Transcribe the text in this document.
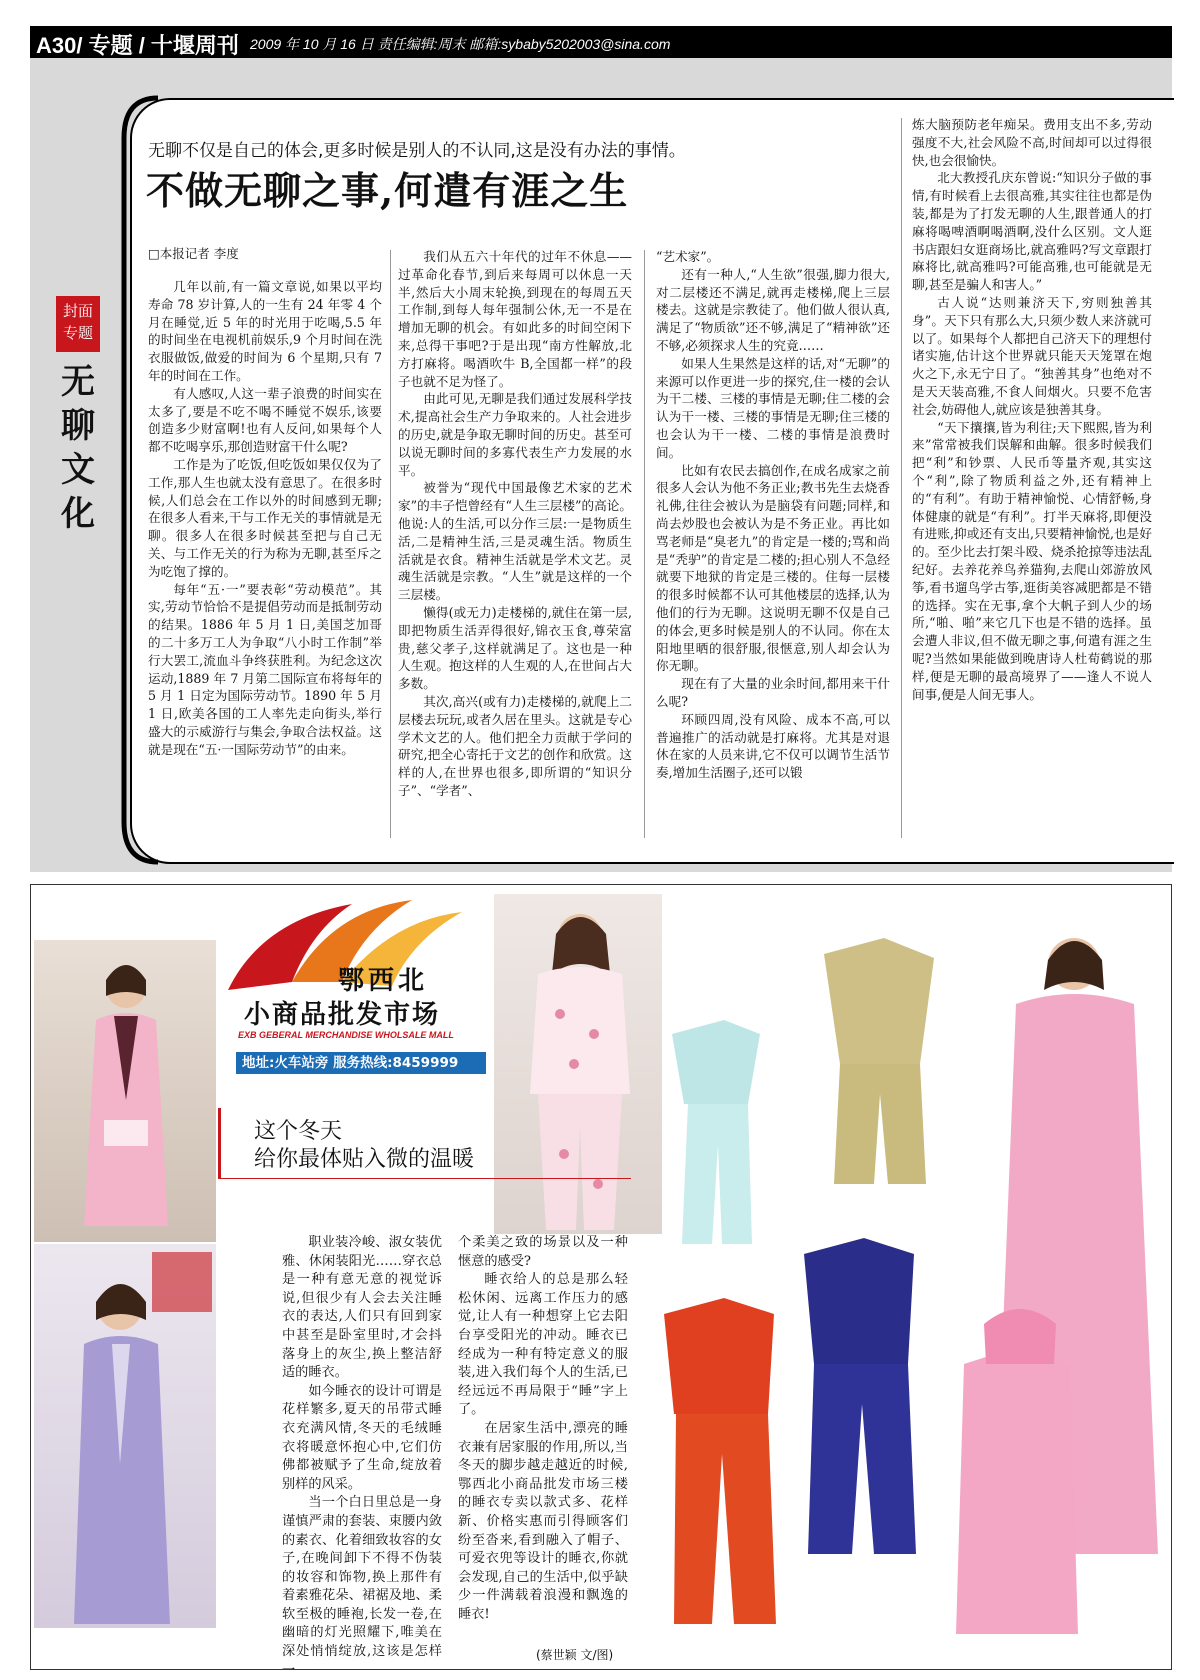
A30/ 专题 / 十堰周刊 2009 年 10 月 16 日 责任编辑:周末 邮箱:sybaby5202003@sina.com
封面
专题
无
聊
文
化
无聊不仅是自己的体会,更多时候是别人的不认同,这是没有办法的事情。
不做无聊之事,何遣有涯之生
□本报记者 李度

几年以前,有一篇文章说,如果以平均寿命 78 岁计算,人的一生有 24 年零 4 个月在睡觉,近 5 年的时光用于吃喝,5.5 年的时间坐在电视机前娱乐,9 个月时间在洗衣服做饭,做爱的时间为 6 个星期,只有 7 年的时间在工作。

有人感叹,人这一辈子浪费的时间实在太多了,要是不吃不喝不睡觉不娱乐,该要创造多少财富啊!也有人反问,如果每个人都不吃喝享乐,那创造财富干什么呢?

工作是为了吃饭,但吃饭如果仅仅为了工作,那人生也就太没有意思了。在很多时候,人们总会在工作以外的时间感到无聊;在很多人看来,干与工作无关的事情就是无聊。很多人在很多时候甚至把与自己无关、与工作无关的行为称为无聊,甚至斥之为吃饱了撑的。

每年“五·一”要表彰“劳动模范”。其实,劳动节恰恰不是提倡劳动而是抵制劳动的结果。1886 年 5 月 1 日,美国芝加哥的二十多万工人为争取“八小时工作制”举行大罢工,流血斗争终获胜利。为纪念这次运动,1889 年 7 月第二国际宣布将每年的 5 月 1 日定为国际劳动节。1890 年 5 月 1 日,欧美各国的工人率先走向街头,举行盛大的示威游行与集会,争取合法权益。这就是现在“五·一国际劳动节”的由来。

我们从五六十年代的过年不休息——过革命化春节,到后来每周可以休息一天半,然后大小周末轮换,到现在的每周五天工作制,到每人每年强制公休,无一不是在增加无聊的机会。有如此多的时间空闲下来,总得干事吧?于是出现“南方性解放,北方打麻将。喝酒吹牛 B,全国都一样”的段子也就不足为怪了。

由此可见,无聊是我们通过发展科学技术,提高社会生产力争取来的。人社会进步的历史,就是争取无聊时间的历史。甚至可以说无聊时间的多寡代表生产力发展的水平。

被誉为“现代中国最像艺术家的艺术家”的丰子恺曾经有“人生三层楼”的高论。他说:人的生活,可以分作三层:一是物质生活,二是精神生活,三是灵魂生活。物质生活就是衣食。精神生活就是学术文艺。灵魂生活就是宗教。“人生”就是这样的一个三层楼。

懒得(或无力)走楼梯的,就住在第一层,即把物质生活弄得很好,锦衣玉食,尊荣富贵,慈父孝子,这样就满足了。这也是一种人生观。抱这样的人生观的人,在世间占大多数。

其次,高兴(或有力)走楼梯的,就爬上二层楼去玩玩,或者久居在里头。这就是专心学术文艺的人。他们把全力贡献于学问的研究,把全心寄托于文艺的创作和欣赏。这样的人,在世界也很多,即所谓的“知识分子”、“学者”、

“艺术家”。

还有一种人,“人生欲”很强,脚力很大,对二层楼还不满足,就再走楼梯,爬上三层楼去。这就是宗教徒了。他们做人很认真,满足了“物质欲”还不够,满足了“精神欲”还不够,必须探求人生的究竟……

如果人生果然是这样的话,对“无聊”的来源可以作更进一步的探究,住一楼的会认为干二楼、三楼的事情是无聊;住二楼的会认为干一楼、三楼的事情是无聊;住三楼的也会认为干一楼、二楼的事情是浪费时间。

比如有农民去搞创作,在成名成家之前很多人会认为他不务正业;教书先生去烧香礼佛,往往会被认为是脑袋有问题;同样,和尚去炒股也会被认为是不务正业。再比如骂老师是“臭老九”的肯定是一楼的;骂和尚是“秃驴”的肯定是二楼的;担心别人不急经就要下地狱的肯定是三楼的。住每一层楼的很多时候都不认可其他楼层的选择,认为他们的行为无聊。这说明无聊不仅是自己的体会,更多时候是别人的不认同。你在太阳地里晒的很舒服,很惬意,别人却会认为你无聊。

现在有了大量的业余时间,都用来干什么呢?

环顾四周,没有风险、成本不高,可以普遍推广的活动就是打麻将。尤其是对退休在家的人员来讲,它不仅可以调节生活节奏,增加生活圈子,还可以锻

炼大脑预防老年痴呆。费用支出不多,劳动强度不大,社会风险不高,时间却可以过得很快,也会很愉快。

北大教授孔庆东曾说:“知识分子做的事情,有时候看上去很高雅,其实往往也都是伪装,都是为了打发无聊的人生,跟普通人的打麻将喝啤酒啊喝酒啊,没什么区别。文人逛书店跟妇女逛商场比,就高雅吗?写文章跟打麻将比,就高雅吗?可能高雅,也可能就是无聊,甚至是骗人和害人。”

古人说“达则兼济天下,穷则独善其身”。天下只有那么大,只须少数人来济就可以了。如果每个人都把自己济天下的理想付诸实施,估计这个世界就只能天天笼罩在炮火之下,永无宁日了。“独善其身”也绝对不是天天装高雅,不食人间烟火。只要不危害社会,妨碍他人,就应该是独善其身。

“天下攘攘,皆为利往;天下熙熙,皆为利来”常常被我们误解和曲解。很多时候我们把“利”和钞票、人民币等量齐观,其实这个“利”,除了物质利益之外,还有精神上的“有利”。有助于精神愉悦、心情舒畅,身体健康的就是“有利”。打半天麻将,即便没有进账,抑或还有支出,只要精神愉悦,也是好的。至少比去打架斗殴、烧杀抢掠等违法乱纪好。去养花养鸟养猫狗,去爬山郊游放风筝,看书遛鸟学古筝,逛街美容减肥都是不错的选择。实在无事,拿个大帆子到人少的场所,“啪、啪”来它几下也是不错的选择。虽会遭人非议,但不做无聊之事,何遣有涯之生呢?当然如果能做到晚唐诗人杜荀鹤说的那样,便是无聊的最高境界了——逢人不说人间事,便是人间无事人。

鄂西北
小商品批发市场
EXB GEBERAL MERCHANDISE WHOLSALE MALL
地址:火车站旁 服务热线:8459999
这个冬天
给你最体贴入微的温暖

职业装冷峻、淑女装优雅、休闲装阳光……穿衣总是一种有意无意的视觉诉说,但很少有人会去关注睡衣的表达,人们只有回到家中甚至是卧室里时,才会抖落身上的灰尘,换上整洁舒适的睡衣。

如今睡衣的设计可谓是花样繁多,夏天的吊带式睡衣充满风情,冬天的毛绒睡衣将暖意怀抱心中,它们仿佛都被赋予了生命,绽放着别样的风采。

当一个白日里总是一身谨慎严肃的套装、束腰内敛的素衣、化着细致妆容的女子,在晚间卸下不得不伪装的妆容和饰物,换上那件有着素雅花朵、裙裾及地、柔软至极的睡袍,长发一卷,在幽暗的灯光照耀下,唯美在深处悄悄绽放,这该是怎样一

个柔美之致的场景以及一种惬意的感受?

睡衣给人的总是那么轻松休闲、远离工作压力的感觉,让人有一种想穿上它去阳台享受阳光的冲动。睡衣已经成为一种有特定意义的服装,进入我们每个人的生活,已经远远不再局限于“睡”字上了。

在居家生活中,漂亮的睡衣兼有居家服的作用,所以,当冬天的脚步越走越近的时候,鄂西北小商品批发市场三楼的睡衣专卖以款式多、花样新、价格实惠而引得顾客们纷至沓来,看到融入了帽子、可爱衣兜等设计的睡衣,你就会发现,自己的生活中,似乎缺少一件满载着浪漫和飘逸的睡衣!

(蔡世颖 文/图)
